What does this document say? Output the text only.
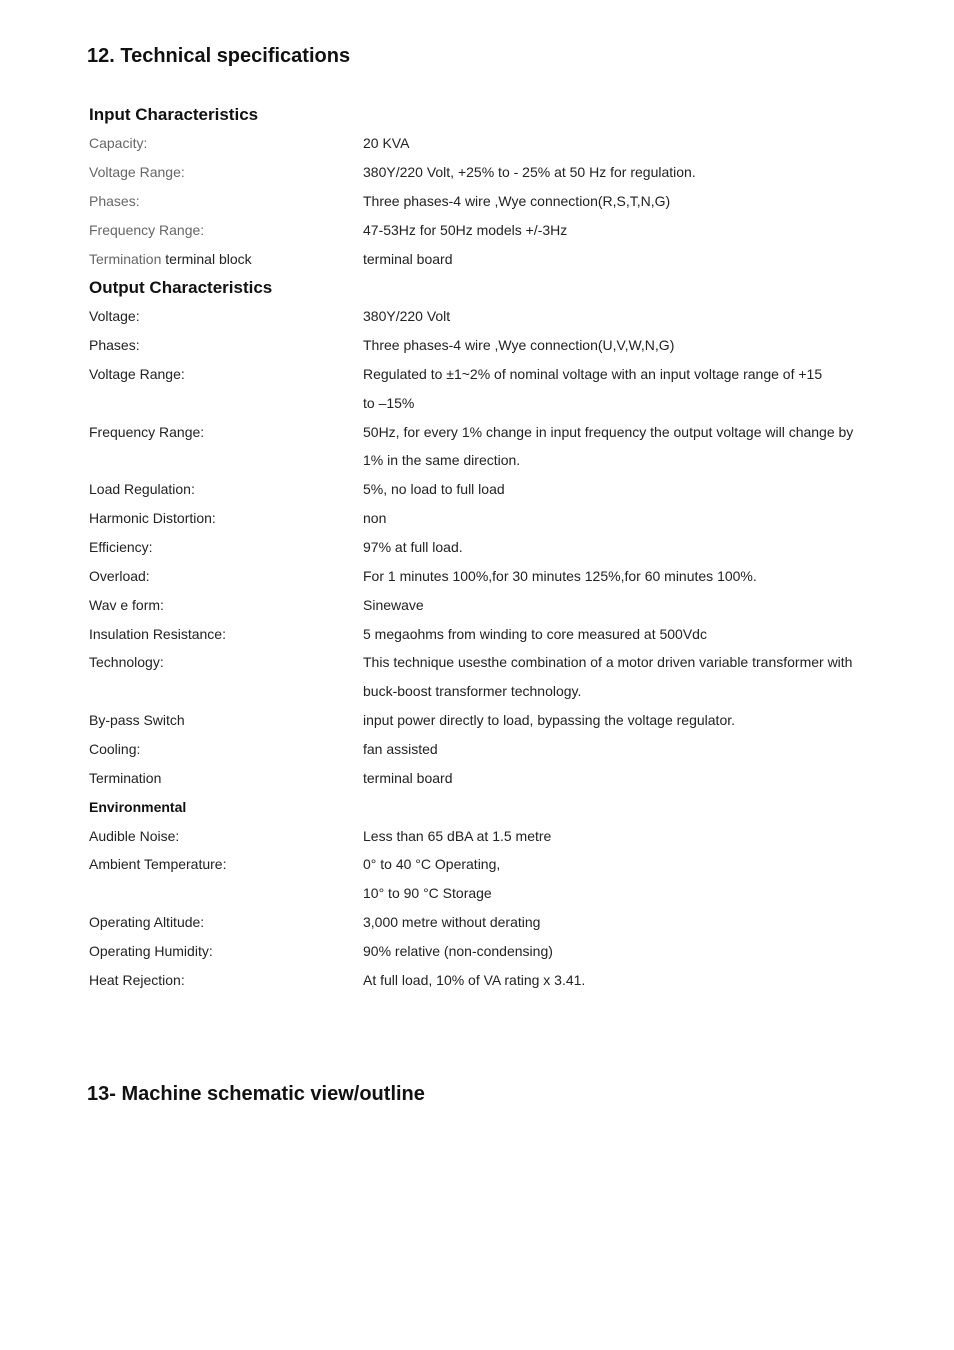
12. Technical specifications
Input Characteristics
Capacity:	20 KVA
Voltage Range:	380Y/220 Volt, +25% to - 25% at 50 Hz for regulation.
Phases:	Three phases-4 wire ,Wye connection(R,S,T,N,G)
Frequency Range:	47-53Hz for 50Hz models +/-3Hz
Termination terminal block	terminal board
Output Characteristics
Voltage:	380Y/220 Volt
Phases:	Three phases-4 wire ,Wye connection(U,V,W,N,G)
Voltage Range:	Regulated to ±1~2% of nominal voltage with an input voltage range of +15
to –15%
Frequency Range:	50Hz, for every 1% change in input frequency the output voltage will change by
1% in the same direction.
Load Regulation:	5%, no load to full load
Harmonic Distortion:	non
Efficiency:	97% at full load.
Overload:	For 1 minutes 100%,for 30 minutes 125%,for 60 minutes 100%.
Wav e form:	Sinewave
Insulation Resistance:	5 megaohms from winding to core measured at 500Vdc
Technology:	This technique usesthe combination of a motor driven variable transformer with
buck-boost transformer technology.
By-pass Switch	input power directly to load, bypassing the voltage regulator.
Cooling:	fan assisted
Termination	terminal board
Environmental
Audible Noise:	Less than 65 dBA at 1.5 metre
Ambient Temperature:	0° to 40 °C Operating,
10° to 90 °C Storage
Operating Altitude:	3,000 metre without derating
Operating Humidity:	90% relative (non-condensing)
Heat Rejection:	At full load, 10% of VA rating x 3.41.
13- Machine schematic view/outline
